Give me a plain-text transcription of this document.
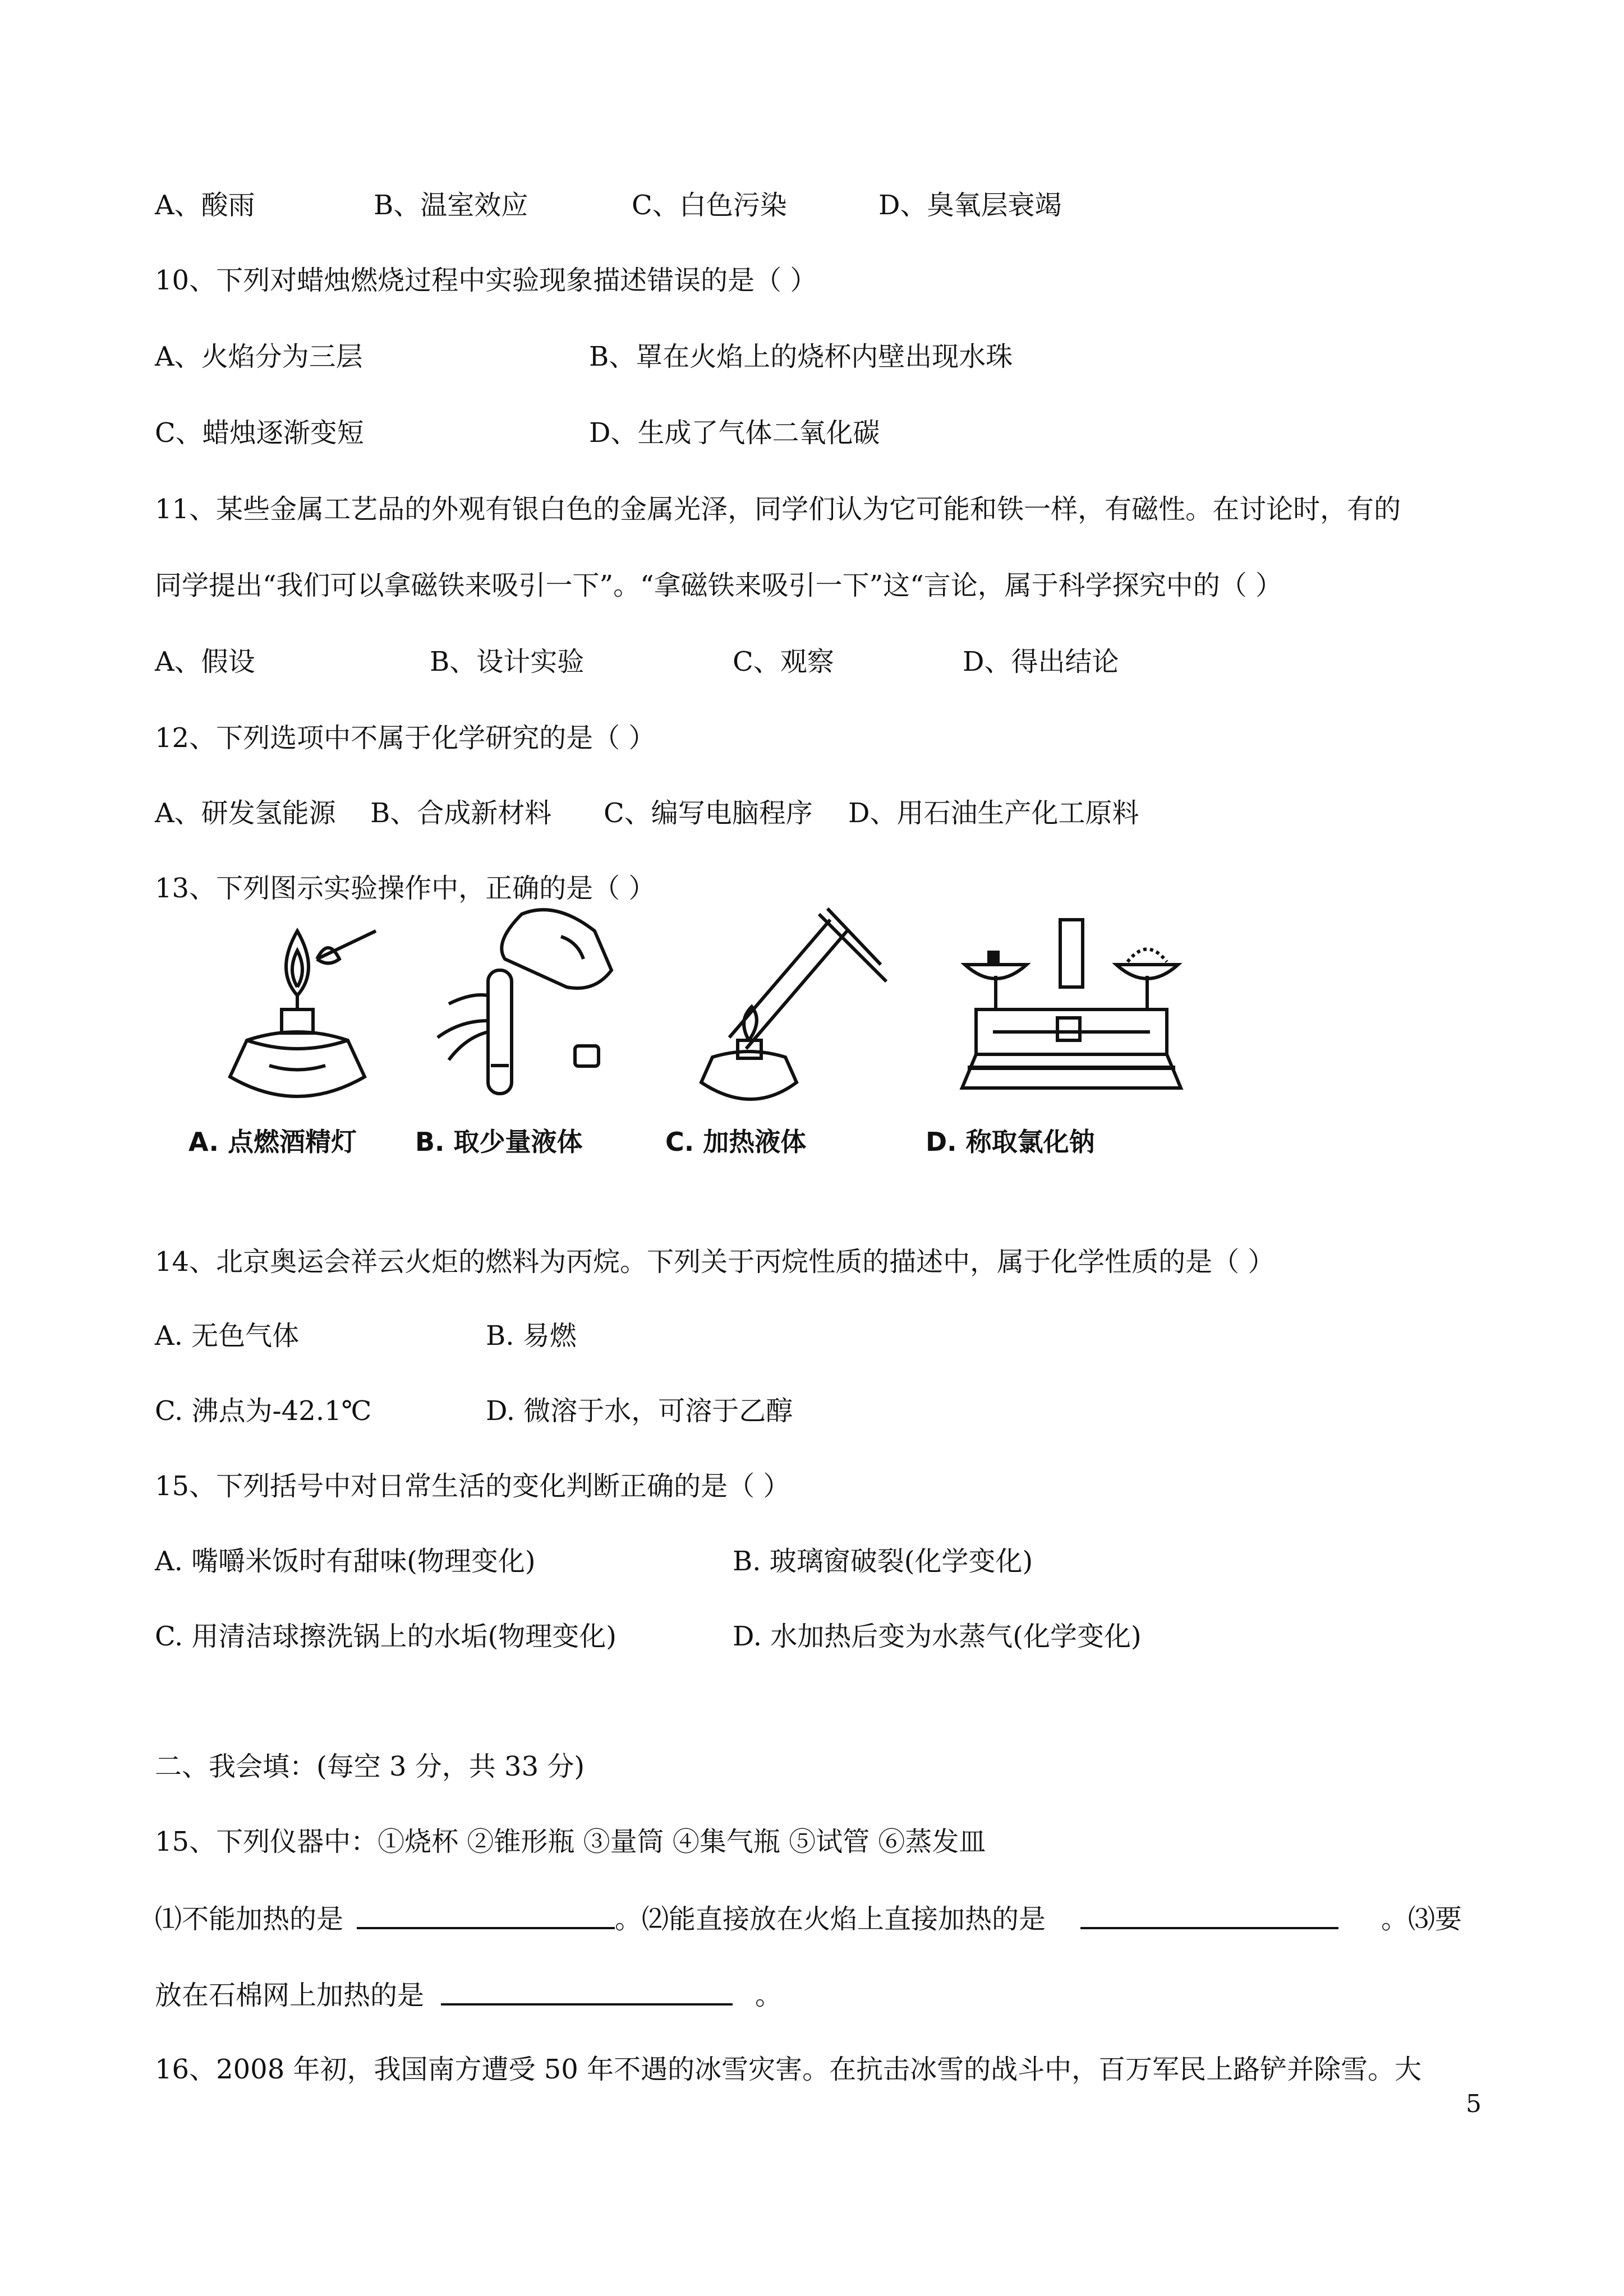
A、酸雨	B、温室效应	C、白色污染	D、臭氧层衰竭
10、下列对蜡烛燃烧过程中实验现象描述错误的是（ ）
A、火焰分为三层	B、罩在火焰上的烧杯内壁出现水珠
C、蜡烛逐渐变短	D、生成了气体二氧化碳
11、某些金属工艺品的外观有银白色的金属光泽，同学们认为它可能和铁一样，有磁性。在讨论时，有的
同学提出“我们可以拿磁铁来吸引一下”。“拿磁铁来吸引一下”这“言论，属于科学探究中的（ ）
A、假设	B、设计实验	C、观察	D、得出结论
12、下列选项中不属于化学研究的是（ ）
A、研发氢能源 B、合成新材料 C、编写电脑程序 D、用石油生产化工原料
13、下列图示实验操作中，正确的是（ ）
A. 点燃酒精灯 B. 取少量液体	C. 加热液体	D. 称取氯化钠
14、北京奥运会祥云火炬的燃料为丙烷。下列关于丙烷性质的描述中，属于化学性质的是（ ）
A. 无色气体	B. 易燃
C. 沸点为-42.1℃	D. 微溶于水，可溶于乙醇
15、下列括号中对日常生活的变化判断正确的是（ ）
A. 嘴嚼米饭时有甜味(物理变化)	B. 玻璃窗破裂(化学变化)
C. 用清洁球擦洗锅上的水垢(物理变化)	D. 水加热后变为水蒸气(化学变化)
二、我会填：(每空 3 分，共 33 分)
15、下列仪器中：①烧杯 ②锥形瓶 ③量筒 ④集气瓶 ⑤试管 ⑥蒸发皿
⑴不能加热的是	。⑵能直接放在火焰上直接加热的是	。⑶要
放在石棉网上加热的是	。
16、2008 年初，我国南方遭受 50 年不遇的冰雪灾害。在抗击冰雪的战斗中，百万军民上路铲并除雪。大
5
